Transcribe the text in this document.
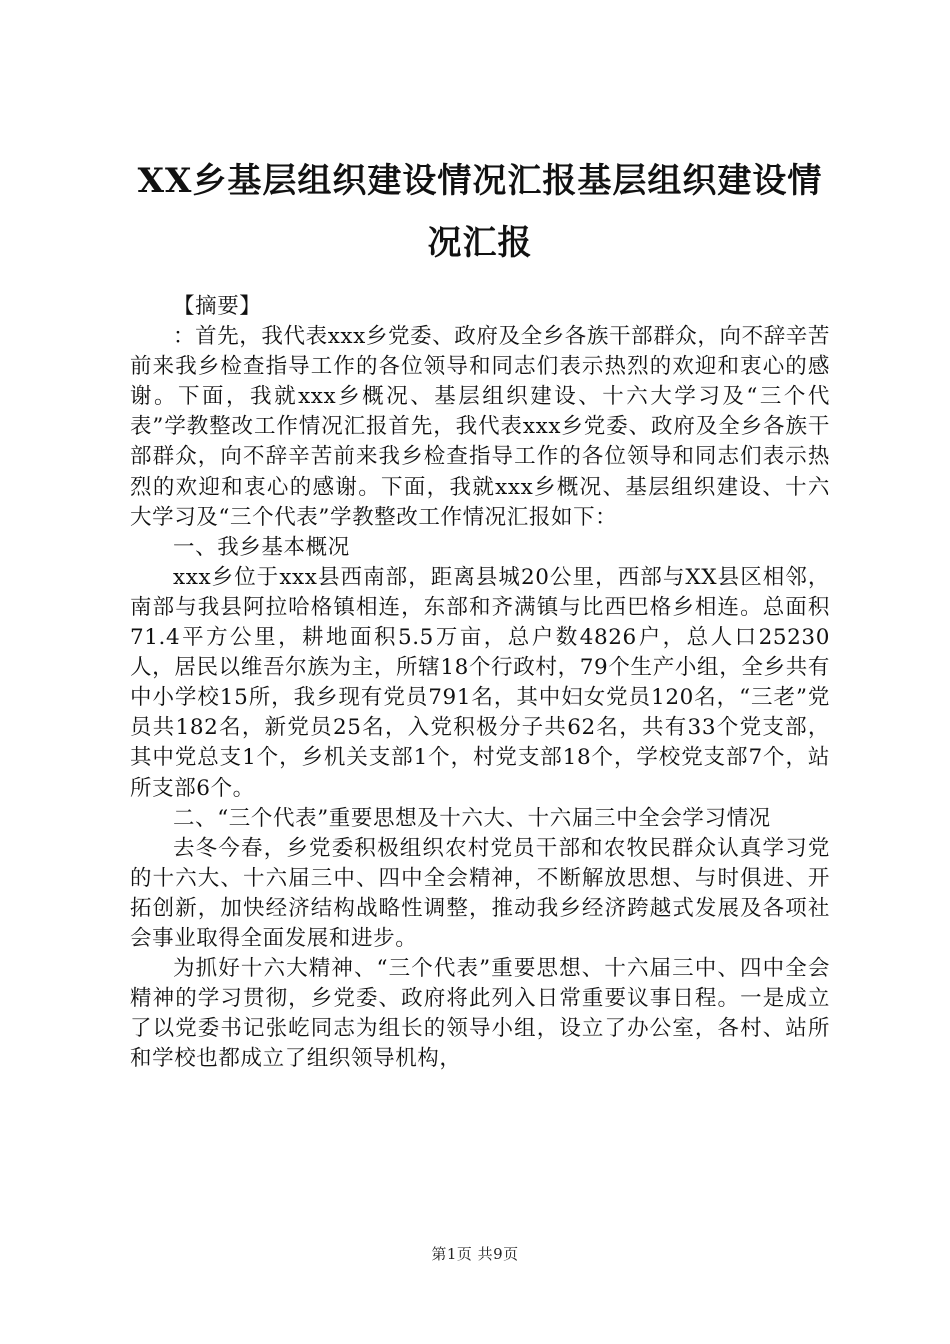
XX乡基层组织建设情况汇报基层组织建设情况汇报

【摘要】

：首先，我代表xxx乡党委、政府及全乡各族干部群众，向不辞辛苦前来我乡检查指导工作的各位领导和同志们表示热烈的欢迎和衷心的感谢。下面，我就xxx乡概况、基层组织建设、十六大学习及“三个代表”学教整改工作情况汇报首先，我代表xxx乡党委、政府及全乡各族干部群众，向不辞辛苦前来我乡检查指导工作的各位领导和同志们表示热烈的欢迎和衷心的感谢。下面，我就xxx乡概况、基层组织建设、十六大学习及“三个代表”学教整改工作情况汇报如下：

一、我乡基本概况

xxx乡位于xxx县西南部，距离县城20公里，西部与XX县区相邻，南部与我县阿拉哈格镇相连，东部和齐满镇与比西巴格乡相连。总面积71.4平方公里，耕地面积5.5万亩，总户数4826户，总人口25230人，居民以维吾尔族为主，所辖18个行政村，79个生产小组，全乡共有中小学校15所，我乡现有党员791名，其中妇女党员120名，“三老”党员共182名，新党员25名，入党积极分子共62名，共有33个党支部，其中党总支1个，乡机关支部1个，村党支部18个，学校党支部7个，站所支部6个。

二、“三个代表”重要思想及十六大、十六届三中全会学习情况

去冬今春，乡党委积极组织农村党员干部和农牧民群众认真学习党的十六大、十六届三中、四中全会精神，不断解放思想、与时俱进、开拓创新，加快经济结构战略性调整，推动我乡经济跨越式发展及各项社会事业取得全面发展和进步。

为抓好十六大精神、“三个代表”重要思想、十六届三中、四中全会精神的学习贯彻，乡党委、政府将此列入日常重要议事日程。一是成立了以党委书记张屹同志为组长的领导小组，设立了办公室，各村、站所和学校也都成立了组织领导机构，

第1页 共9页
